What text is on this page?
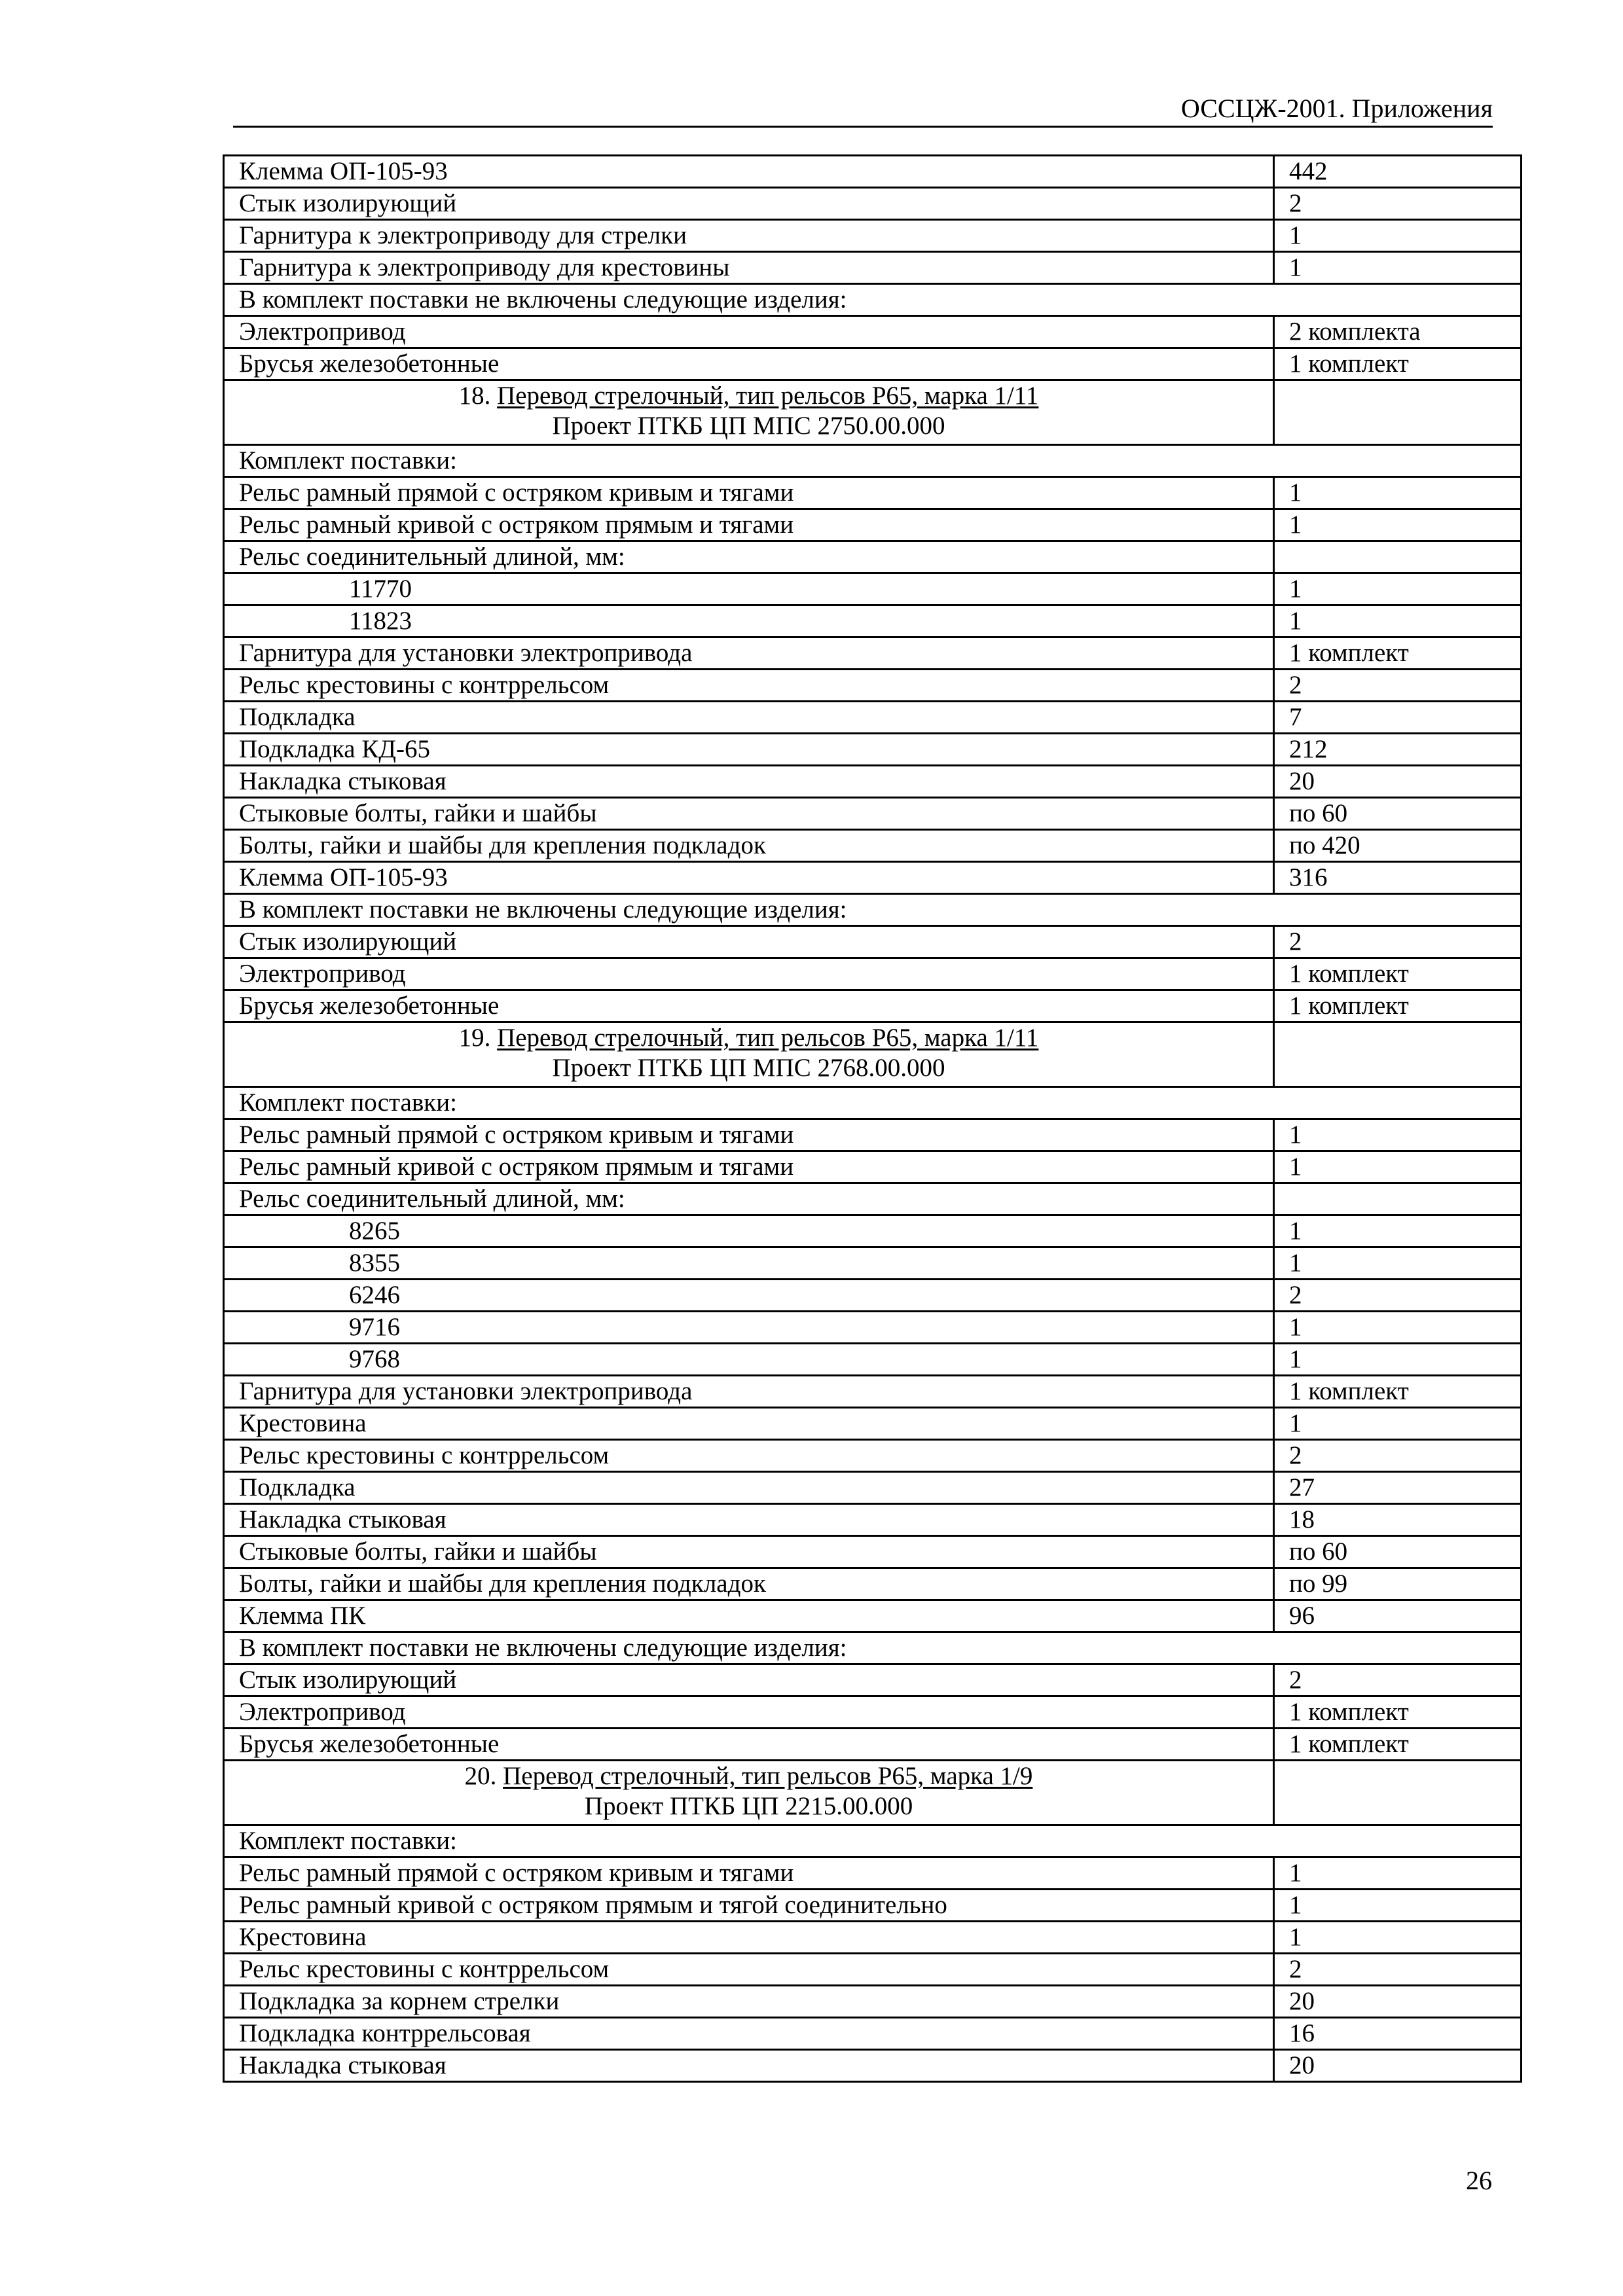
ОССЦЖ-2001. Приложения
Клемма ОП-105-93	442
Стык изолирующий	2
Гарнитура к электроприводу для стрелки	1
Гарнитура к электроприводу для крестовины	1
В комплект поставки не включены следующие изделия:	
Электропривод	2 комплекта
Брусья железобетонные	1 комплект

18. Перевод стрелочный, тип рельсов Р65, марка 1/11
Проект ПТКБ ЦП МПС 2750.00.000	

Комплект поставки:	
Рельс рамный прямой с остряком кривым и тягами	1
Рельс рамный кривой с остряком прямым и тягами	1
Рельс соединительный длиной, мм:	
11770	1
11823	1
Гарнитура для установки электропривода	1 комплект
Рельс крестовины с контррельсом	2
Подкладка	7
Подкладка КД-65	212
Накладка стыковая	20
Стыковые болты, гайки и шайбы	по 60
Болты, гайки и шайбы для крепления подкладок	по 420
Клемма ОП-105-93	316
В комплект поставки не включены следующие изделия:	
Стык изолирующий	2
Электропривод	1 комплект
Брусья железобетонные	1 комплект

19. Перевод стрелочный, тип рельсов Р65, марка 1/11
Проект ПТКБ ЦП МПС 2768.00.000	

Комплект поставки:	
Рельс рамный прямой с остряком кривым и тягами	1
Рельс рамный кривой с остряком прямым и тягами	1
Рельс соединительный длиной, мм:	
8265	1
8355	1
6246	2
9716	1
9768	1
Гарнитура для установки электропривода	1 комплект
Крестовина	1
Рельс крестовины с контррельсом	2
Подкладка	27
Накладка стыковая	18
Стыковые болты, гайки и шайбы	по 60
Болты, гайки и шайбы для крепления подкладок	по 99
Клемма ПК	96
В комплект поставки не включены следующие изделия:	
Стык изолирующий	2
Электропривод	1 комплект
Брусья железобетонные	1 комплект

20. Перевод стрелочный, тип рельсов Р65, марка 1/9
Проект ПТКБ ЦП 2215.00.000	

Комплект поставки:	
Рельс рамный прямой с остряком кривым и тягами	1
Рельс рамный кривой с остряком прямым и тягой соединительно	1
Крестовина	1
Рельс крестовины с контррельсом	2
Подкладка за корнем стрелки	20
Подкладка контррельсовая	16
Накладка стыковая	20
26
